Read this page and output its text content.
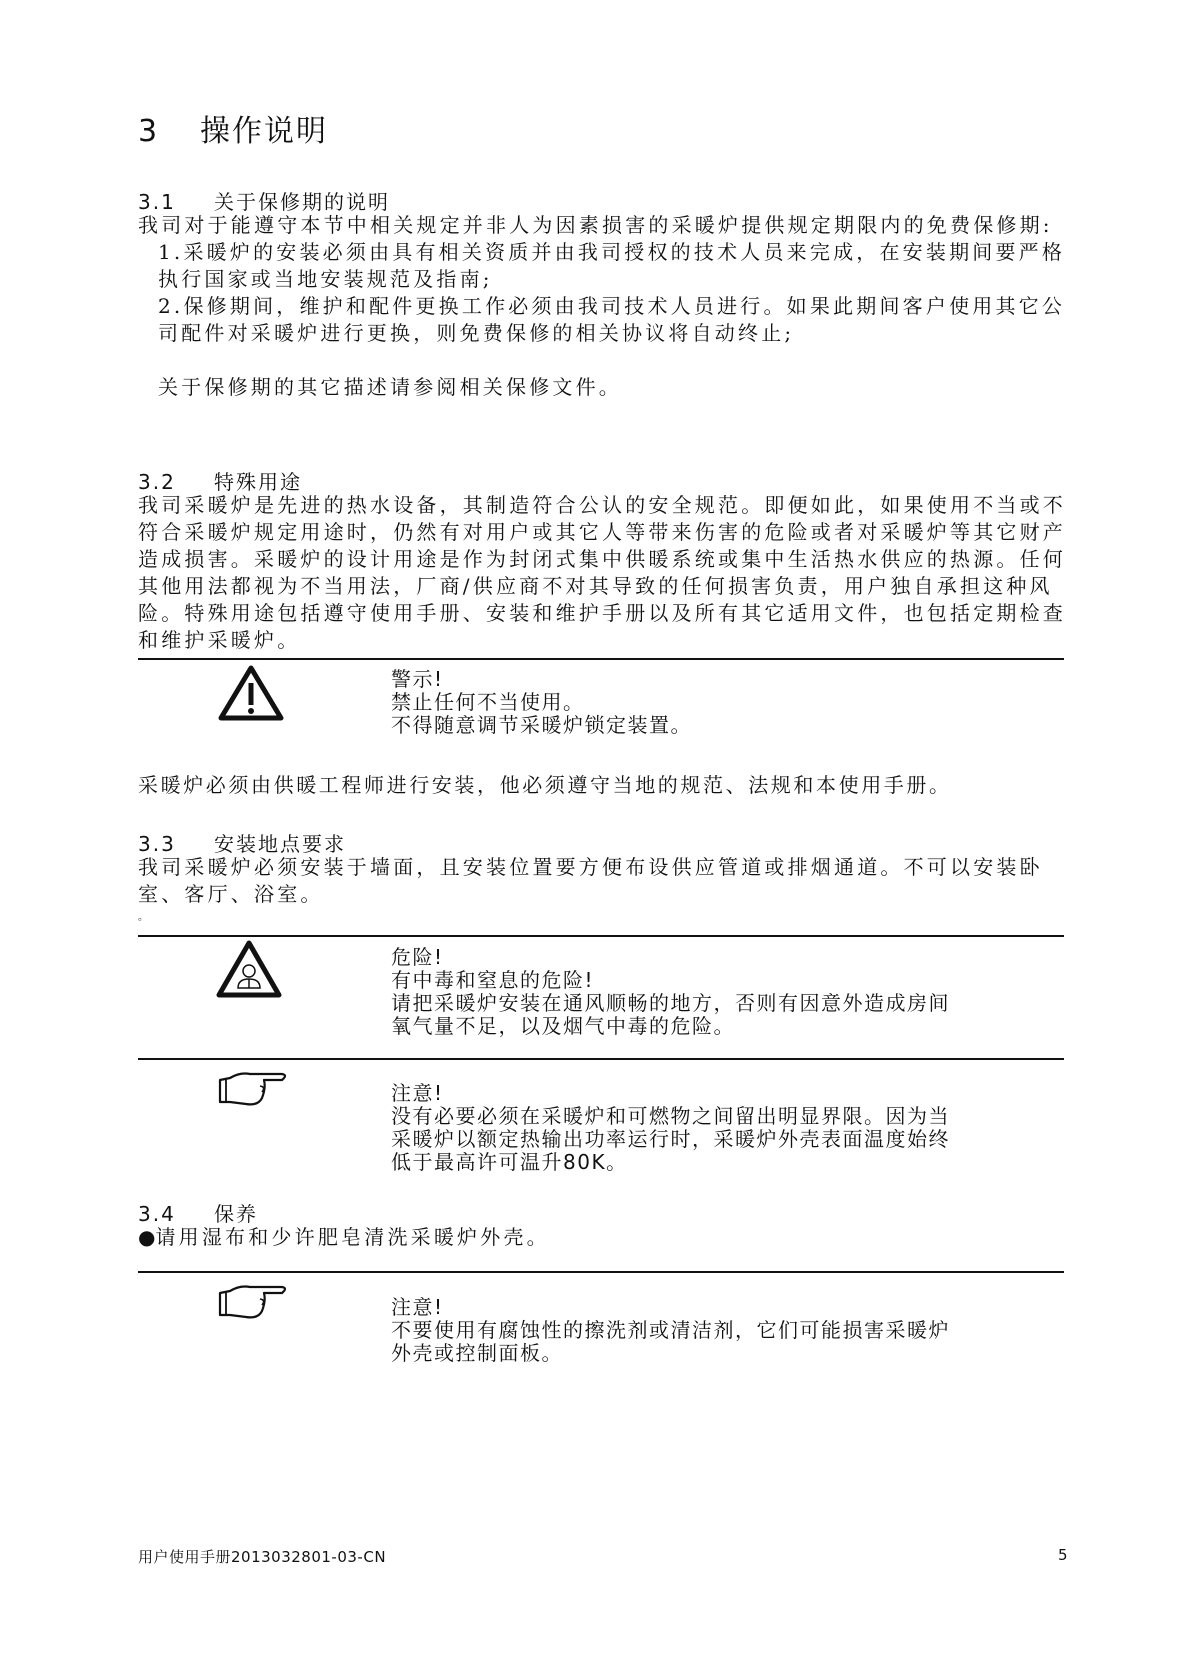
3 操作说明
3.1 关于保修期的说明

我司对于能遵守本节中相关规定并非人为因素损害的采暖炉提供规定期限内的免费保修期:

1.采暖炉的安装必须由具有相关资质并由我司授权的技术人员来完成，在安装期间要严格执行国家或当地安装规范及指南;

2.保修期间，维护和配件更换工作必须由我司技术人员进行。如果此期间客户使用其它公司配件对采暖炉进行更换，则免费保修的相关协议将自动终止;

关于保修期的其它描述请参阅相关保修文件。

3.2 特殊用途

我司采暖炉是先进的热水设备，其制造符合公认的安全规范。即便如此，如果使用不当或不符合采暖炉规定用途时，仍然有对用户或其它人等带来伤害的危险或者对采暖炉等其它财产造成损害。采暖炉的设计用途是作为封闭式集中供暖系统或集中生活热水供应的热源。任何其他用法都视为不当用法，厂商/供应商不对其导致的任何损害负责，用户独自承担这种风险。特殊用途包括遵守使用手册、安装和维护手册以及所有其它适用文件，也包括定期检查和维护采暖炉。

警示!

禁止任何不当使用。

不得随意调节采暖炉锁定装置。

采暖炉必须由供暖工程师进行安装，他必须遵守当地的规范、法规和本使用手册。

3.3 安装地点要求

我司采暖炉必须安装于墙面，且安装位置要方便布设供应管道或排烟通道。不可以安装卧室、客厅、浴室。

。

危险!

有中毒和窒息的危险!

请把采暖炉安装在通风顺畅的地方，否则有因意外造成房间

氧气量不足，以及烟气中毒的危险。

注意!

没有必要必须在采暖炉和可燃物之间留出明显界限。因为当

采暖炉以额定热输出功率运行时，采暖炉外壳表面温度始终

低于最高许可温升80K。

3.4 保养

●请用湿布和少许肥皂清洗采暖炉外壳。

注意!

不要使用有腐蚀性的擦洗剂或清洁剂，它们可能损害采暖炉

外壳或控制面板。

用户使用手册2013032801-03-CN	5
